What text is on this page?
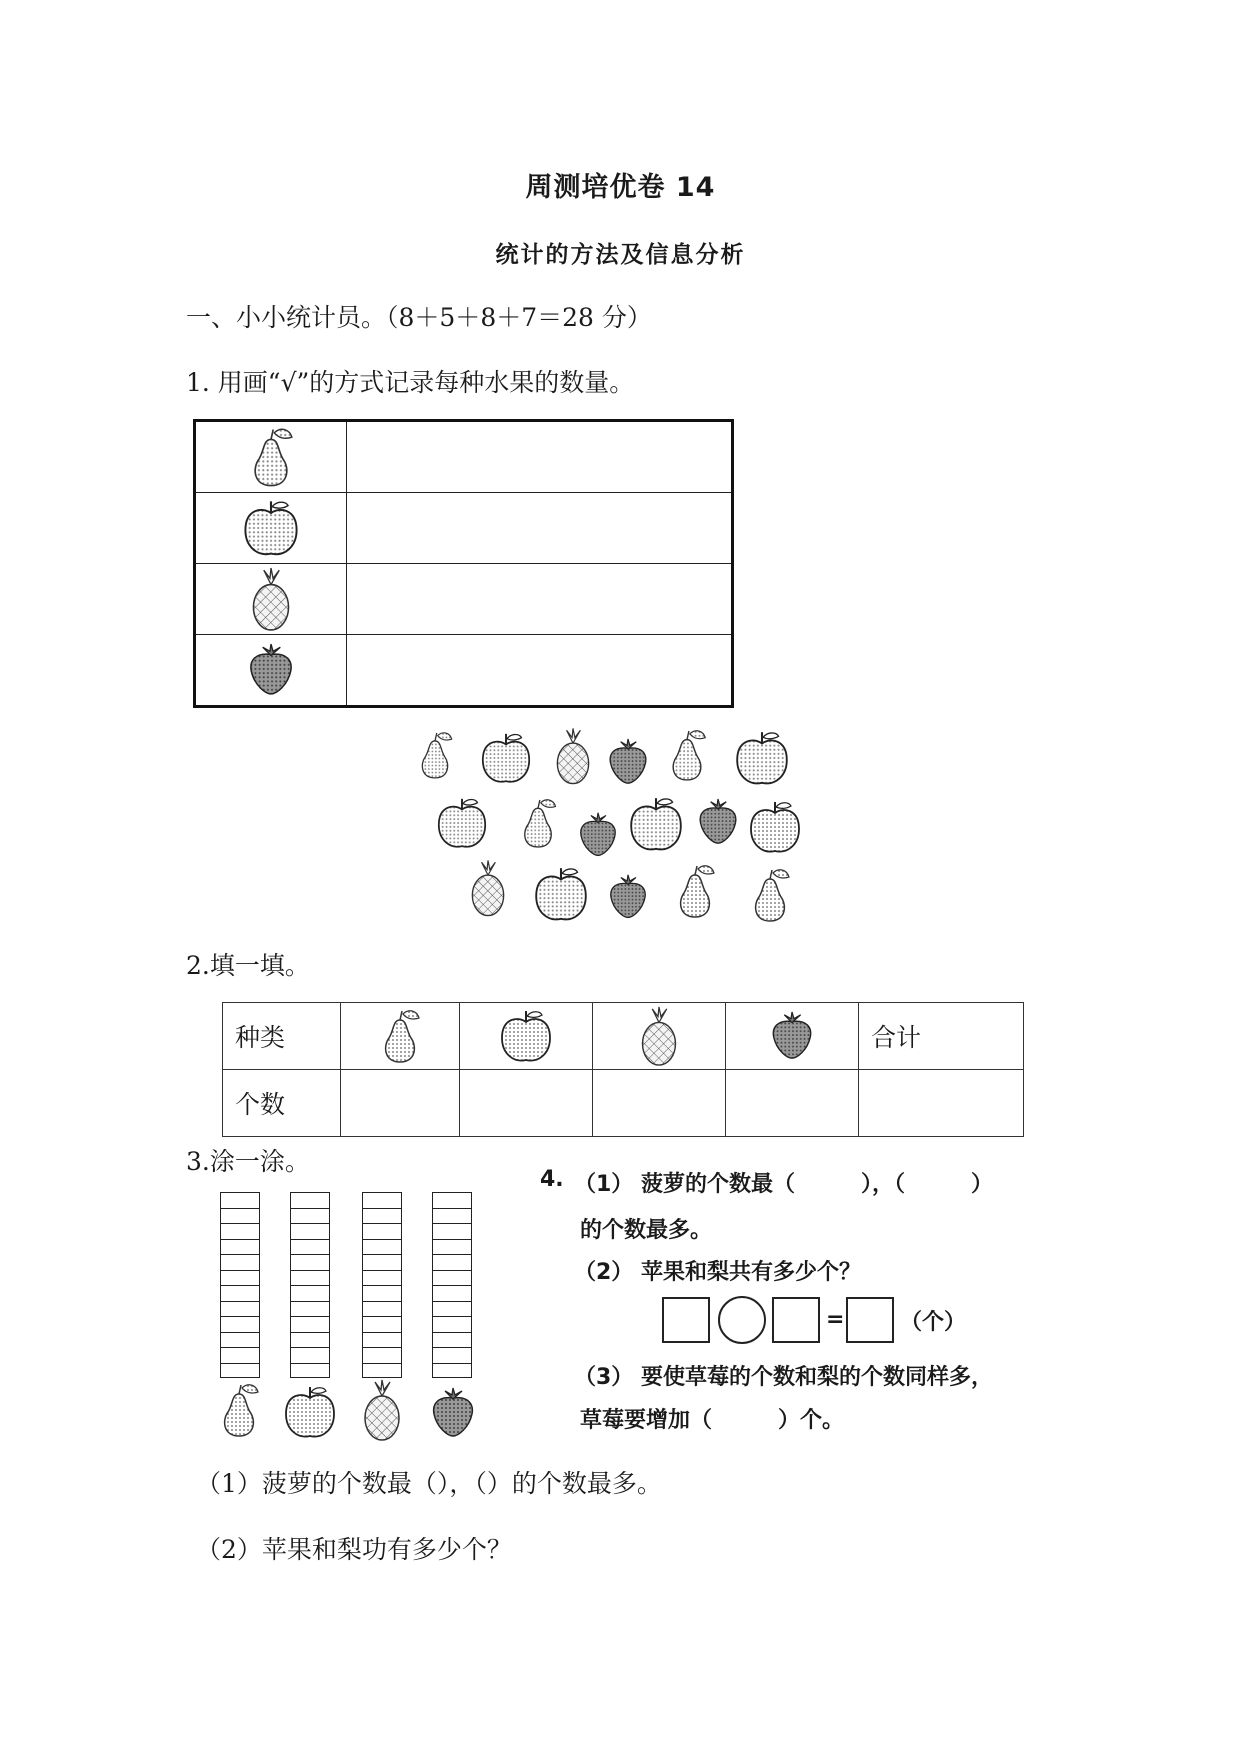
周测培优卷 14
统计的方法及信息分析
一、小小统计员。（8＋5＋8＋7＝28 分）
1. 用画“√”的方式记录每种水果的数量。

2.填一填。
种类					合计
个数					
3.涂一涂。
4. （1） 菠萝的个数最（　　　），（　　　）
的个数最多。
（2） 苹果和梨共有多少个？
=	（个）
（3） 要使草莓的个数和梨的个数同样多，
草莓要增加（　　　）个。
（1）菠萝的个数最（），（）的个数最多。
（2）苹果和梨功有多少个？
